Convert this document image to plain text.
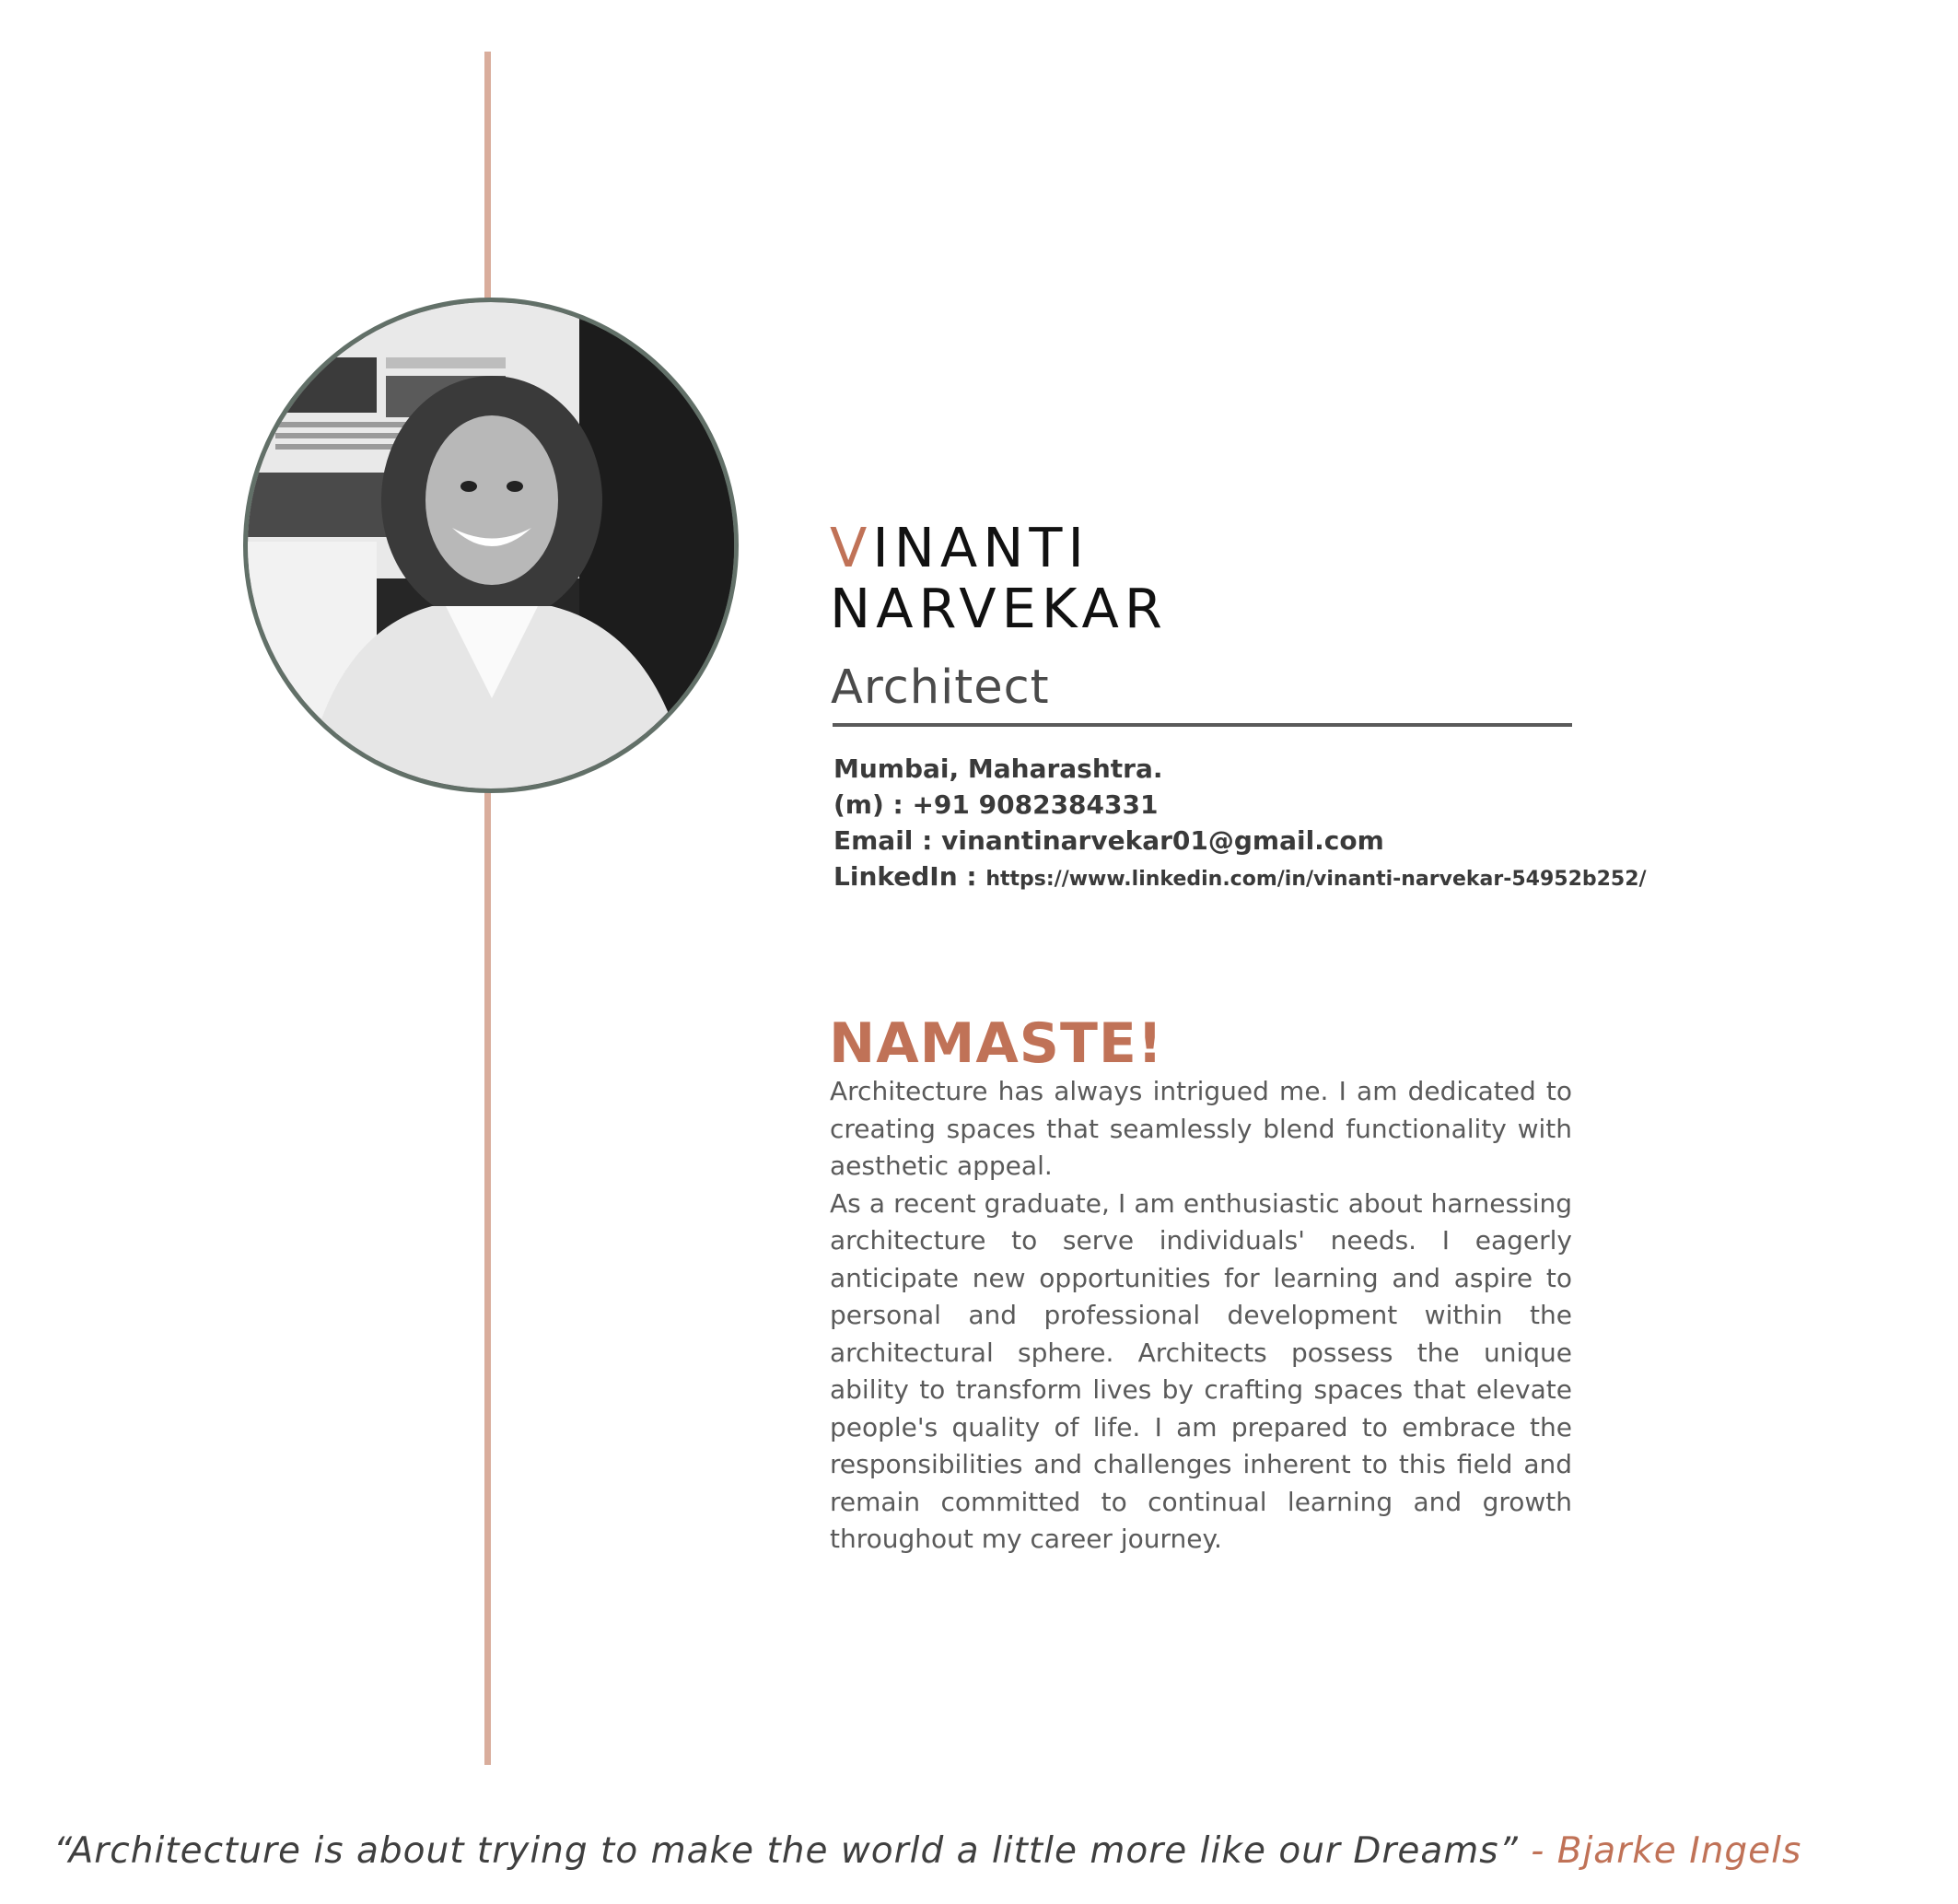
VINANTI
NARVEKAR
Architect
Mumbai, Maharashtra.
(m) : +91 9082384331
Email : vinantinarvekar01@gmail.com
LinkedIn : https://www.linkedin.com/in/vinanti-narvekar-54952b252/
NAMASTE!

Architecture has always intrigued me. I am dedicated to creating spaces that seamlessly blend functionality with aesthetic appeal.

As a recent graduate, I am enthusiastic about harnessing architecture to serve individuals' needs. I eagerly anticipate new opportunities for learning and aspire to personal and professional development within the architectural sphere. Architects possess the unique ability to transform lives by crafting spaces that elevate people's quality of life. I am prepared to embrace the responsibilities and challenges inherent to this field and remain committed to continual learning and growth throughout my career journey.

“Architecture is about trying to make the world a little more like our Dreams” - Bjarke Ingels
